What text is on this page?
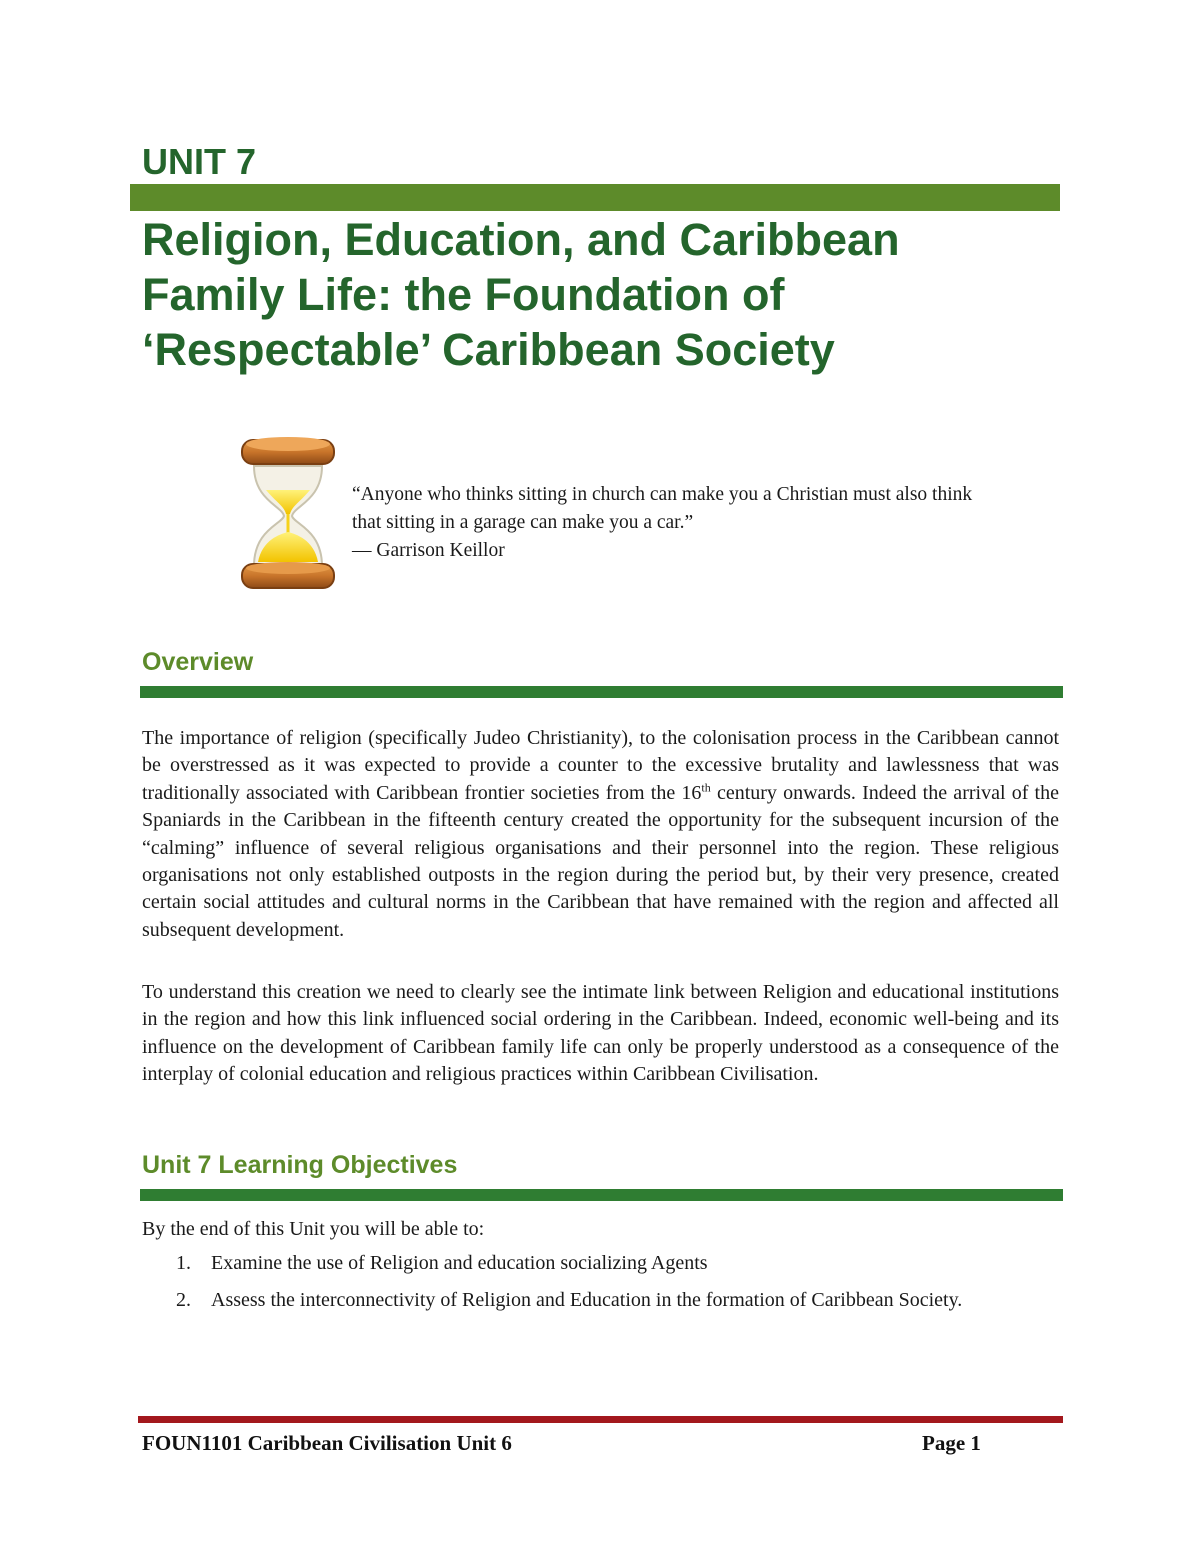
UNIT 7
Religion, Education, and Caribbean
Family Life: the Foundation of
‘Respectable’ Caribbean Society
“Anyone who thinks sitting in church can make you a Christian must also think
that sitting in a garage can make you a car.”
— Garrison Keillor
Overview

The importance of religion (specifically Judeo Christianity), to the colonisation process in the Caribbean cannot be overstressed as it was expected to provide a counter to the excessive brutality and lawlessness that was traditionally associated with Caribbean frontier societies from the 16th century onwards. Indeed the arrival of the Spaniards in the Caribbean in the fifteenth century created the opportunity for the subsequent incursion of the “calming” influence of several religious organisations and their personnel into the region. These religious organisations not only established outposts in the region during the period but, by their very presence, created certain social attitudes and cultural norms in the Caribbean that have remained with the region and affected all subsequent development.

To understand this creation we need to clearly see the intimate link between Religion and educational institutions in the region and how this link influenced social ordering in the Caribbean. Indeed, economic well-being and its influence on the development of Caribbean family life can only be properly understood as a consequence of the interplay of colonial education and religious practices within Caribbean Civilisation.

Unit 7 Learning Objectives

By the end of this Unit you will be able to:

1. Examine the use of Religion and education socializing Agents
2. Assess the interconnectivity of Religion and Education in the formation of Caribbean Society.
FOUN1101 Caribbean Civilisation Unit 6	Page 1
